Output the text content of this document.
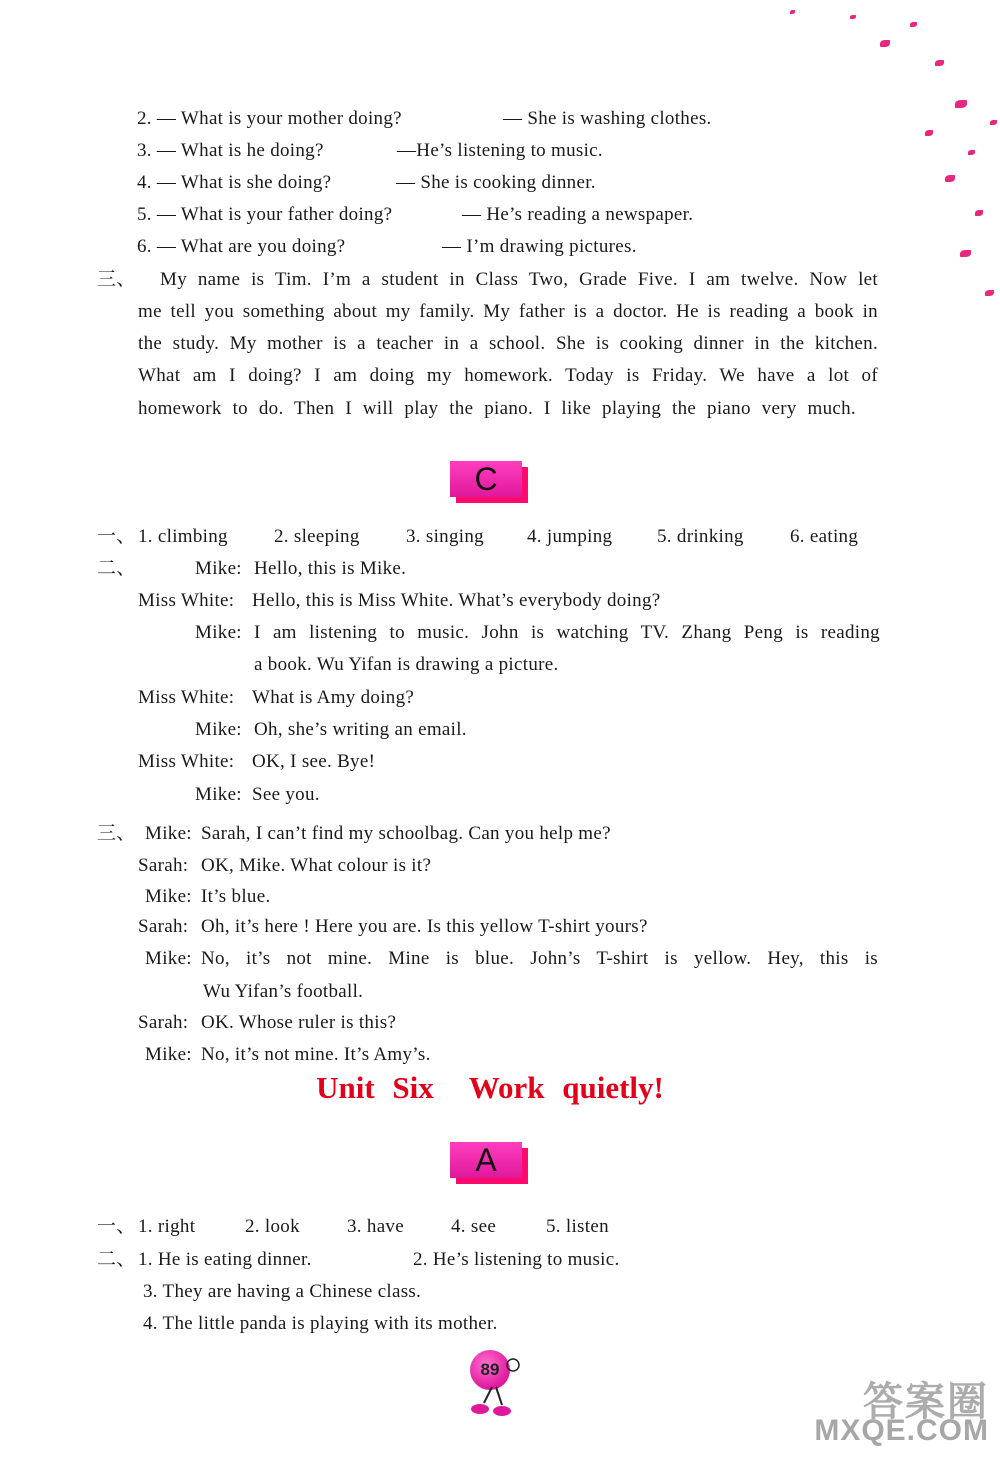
2. — What is your mother doing?	— She is washing clothes.
3. — What is he doing?	—He’s listening to music.
4. — What is she doing?	— She is cooking dinner.
5. — What is your father doing?	— He’s reading a newspaper.
6. — What are you doing?	— I’m drawing pictures.
三、 My name is Tim. I’m a student in Class Two, Grade Five. I am twelve. Now let
me tell you something about my family. My father is a doctor. He is reading a book in
the study. My mother is a teacher in a school. She is cooking dinner in the kitchen.
What am I doing? I am doing my homework. Today is Friday. We have a lot of
homework to do. Then I will play the piano. I like playing the piano very much.
C
一、 1. climbing 2. sleeping 3. singing 4. jumping 5. drinking 6. eating
二、	Mike: Hello, this is Mike.
Miss White: Hello, this is Miss White. What’s everybody doing?
Mike: I am listening to music. John is watching TV. Zhang Peng is reading
a book. Wu Yifan is drawing a picture.
Miss White: What is Amy doing?
Mike: Oh, she’s writing an email.
Miss White: OK, I see. Bye!
Mike: See you.
三、 Mike: Sarah, I can’t find my schoolbag. Can you help me?
Sarah: OK, Mike. What colour is it?
Mike: It’s blue.
Sarah: Oh, it’s here ! Here you are. Is this yellow T-shirt yours?
Mike: No, it’s not mine. Mine is blue. John’s T-shirt is yellow. Hey, this is
Wu Yifan’s football.
Sarah: OK. Whose ruler is this?
Mike: No, it’s not mine. It’s Amy’s.
Unit Six  Work quietly!
A
一、 1. right	2. look 3. have 4. see	5. listen
二、 1. He is eating dinner.	2. He’s listening to music.
3. They are having a Chinese class.
4. The little panda is playing with its mother.
89
答案圈
MXQE.COM
